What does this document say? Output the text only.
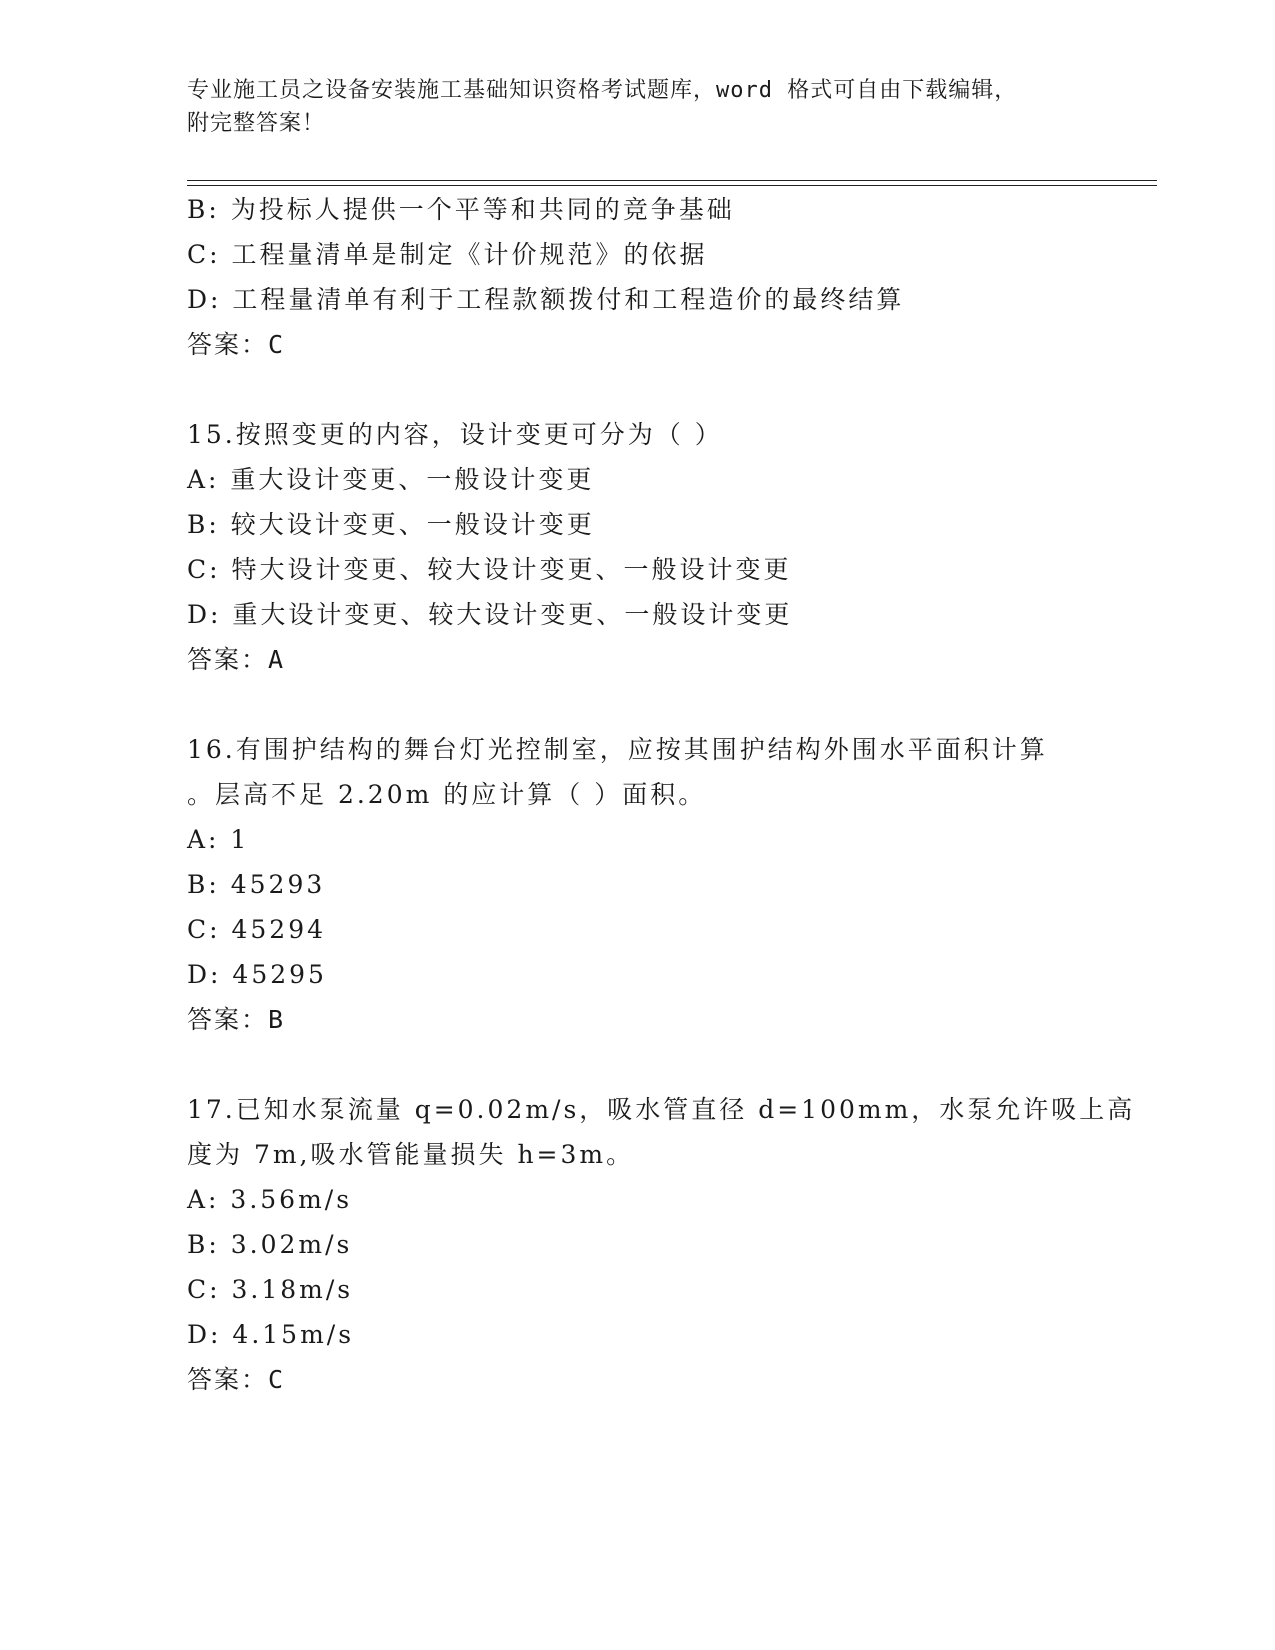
专业施工员之设备安装施工基础知识资格考试题库，word 格式可自由下载编辑，
附完整答案！
B: 为投标人提供一个平等和共同的竞争基础
C: 工程量清单是制定《计价规范》的依据
D: 工程量清单有利于工程款额拨付和工程造价的最终结算
答案：C
15.按照变更的内容，设计变更可分为（ ）
A: 重大设计变更、一般设计变更
B: 较大设计变更、一般设计变更
C: 特大设计变更、较大设计变更、一般设计变更
D: 重大设计变更、较大设计变更、一般设计变更
答案：A
16.有围护结构的舞台灯光控制室，应按其围护结构外围水平面积计算
。层高不足 2.20m 的应计算（ ）面积。
A: 1
B: 45293
C: 45294
D: 45295
答案：B
17.已知水泵流量 q=0.02m/s，吸水管直径 d=100mm，水泵允许吸上高
度为 7m,吸水管能量损失 h=3m。
A: 3.56m/s
B: 3.02m/s
C: 3.18m/s
D: 4.15m/s
答案：C
